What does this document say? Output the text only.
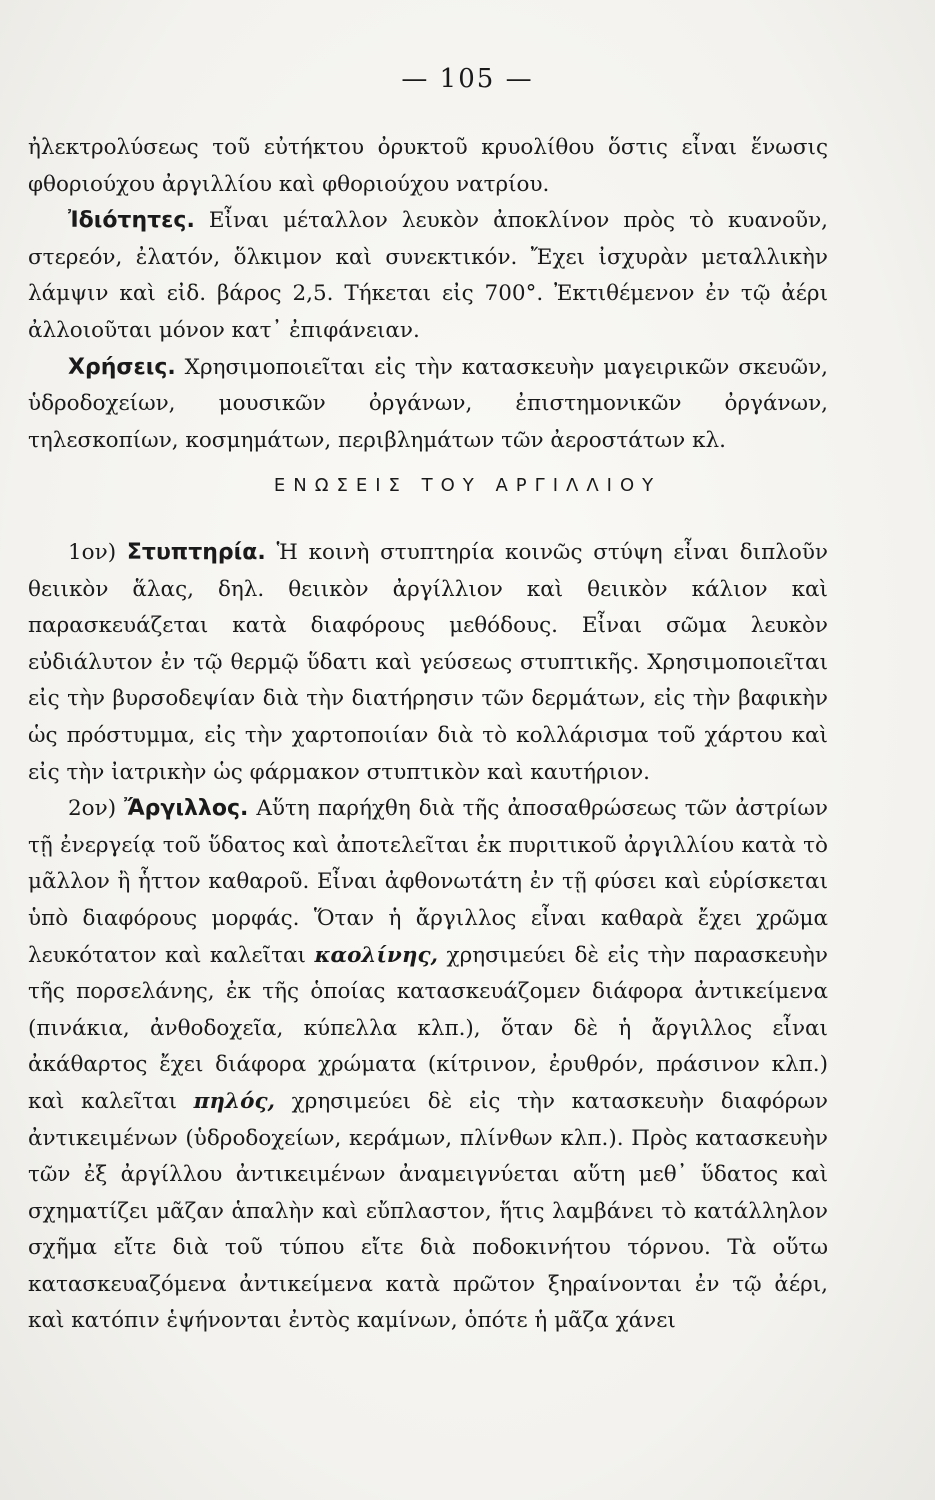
— 105 —

ἠλεκτρολύσεως τοῦ εὐτήκτου ὀρυκτοῦ κρυολίθου ὅστις εἶναι ἕνωσις φθοριούχου ἀργιλλίου καὶ φθοριούχου νατρίου.

Ἰδιότητες. Εἶναι μέταλλον λευκὸν ἀποκλίνον πρὸς τὸ κυανοῦν, στερεόν, ἐλατόν, ὅλκιμον καὶ συνεκτικόν. Ἔχει ἰσχυρὰν μεταλλικὴν λάμψιν καὶ εἰδ. βάρος 2,5. Τήκεται εἰς 700°. Ἐκτιθέμενον ἐν τῷ ἀέρι ἀλλοιοῦται μόνον κατ᾽ ἐπιφάνειαν.

Χρήσεις. Χρησιμοποιεῖται εἰς τὴν κατασκευὴν μαγειρικῶν σκευῶν, ὑδροδοχείων, μουσικῶν ὀργάνων, ἐπιστημονικῶν ὀργάνων, τηλεσκοπίων, κοσμημάτων, περιβλημάτων τῶν ἀεροστάτων κλ.

ΕΝΩΣΕΙΣ ΤΟΥ ΑΡΓΙΛΛΙΟΥ

1ον) Στυπτηρία. Ἡ κοινὴ στυπτηρία κοινῶς στύψη εἶναι διπλοῦν θειικὸν ἅλας, δηλ. θειικὸν ἀργίλλιον καὶ θειικὸν κάλιον καὶ παρασκευάζεται κατὰ διαφόρους μεθόδους. Εἶναι σῶμα λευκὸν εὐδιάλυτον ἐν τῷ θερμῷ ὕδατι καὶ γεύσεως στυπτικῆς. Χρησιμοποιεῖται εἰς τὴν βυρσοδεψίαν διὰ τὴν διατήρησιν τῶν δερμάτων, εἰς τὴν βαφικὴν ὡς πρόστυμμα, εἰς τὴν χαρτοποιίαν διὰ τὸ κολλάρισμα τοῦ χάρτου καὶ εἰς τὴν ἰατρικὴν ὡς φάρμακον στυπτικὸν καὶ καυτήριον.

2ον) Ἄργιλλος. Αὕτη παρήχθη διὰ τῆς ἀποσαθρώσεως τῶν ἀστρίων τῇ ἐνεργείᾳ τοῦ ὕδατος καὶ ἀποτελεῖται ἐκ πυριτικοῦ ἀργιλλίου κατὰ τὸ μᾶλλον ἢ ἧττον καθαροῦ. Εἶναι ἀφθονωτάτη ἐν τῇ φύσει καὶ εὑρίσκεται ὑπὸ διαφόρους μορφάς. Ὅταν ἡ ἄργιλλος εἶναι καθαρὰ ἔχει χρῶμα λευκότατον καὶ καλεῖται καολίνης, χρησιμεύει δὲ εἰς τὴν παρασκευὴν τῆς πορσελάνης, ἐκ τῆς ὁποίας κατασκευάζομεν διάφορα ἀντικείμενα (πινάκια, ἀνθοδοχεῖα, κύπελλα κλπ.), ὅταν δὲ ἡ ἄργιλλος εἶναι ἀκάθαρτος ἔχει διάφορα χρώματα (κίτρινον, ἐρυθρόν, πράσινον κλπ.) καὶ καλεῖται πηλός, χρησιμεύει δὲ εἰς τὴν κατασκευὴν διαφόρων ἀντικειμένων (ὑδροδοχείων, κεράμων, πλίνθων κλπ.). Πρὸς κατασκευὴν τῶν ἐξ ἀργίλλου ἀντικειμένων ἀναμειγνύεται αὕτη μεθ᾽ ὕδατος καὶ σχηματίζει μᾶζαν ἁπαλὴν καὶ εὔπλαστον, ἥτις λαμβάνει τὸ κατάλληλον σχῆμα εἴτε διὰ τοῦ τύπου εἴτε διὰ ποδοκινήτου τόρνου. Τὰ οὕτω κατασκευαζόμενα ἀντικείμενα κατὰ πρῶτον ξηραίνονται ἐν τῷ ἀέρι, καὶ κατόπιν ἑψήνονται ἐντὸς καμίνων, ὁπότε ἡ μᾶζα χάνει
